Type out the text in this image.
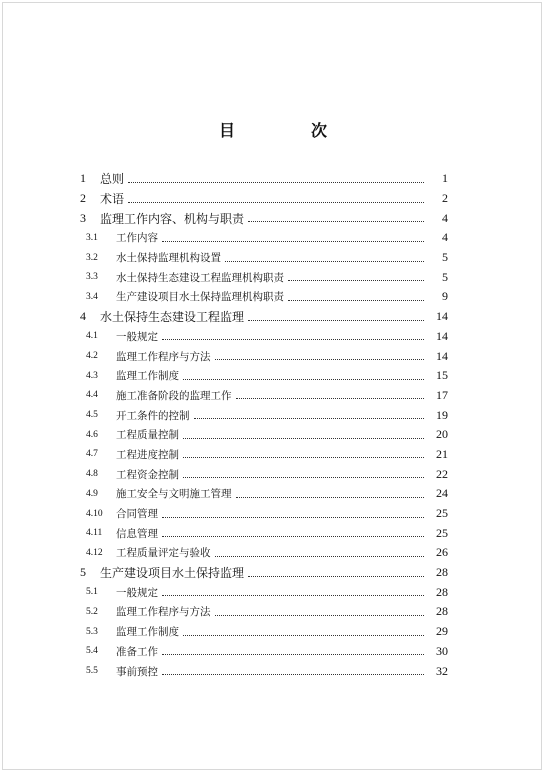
目　次
1	总则	1
2	术语	2
3	监理工作内容、机构与职责	4
3.1	工作内容	4
3.2	水土保持监理机构设置	5
3.3	水土保持生态建设工程监理机构职责	5
3.4	生产建设项目水土保持监理机构职责	9
4	水土保持生态建设工程监理	14
4.1	一般规定	14
4.2	监理工作程序与方法	14
4.3	监理工作制度	15
4.4	施工准备阶段的监理工作	17
4.5	开工条件的控制	19
4.6	工程质量控制	20
4.7	工程进度控制	21
4.8	工程资金控制	22
4.9	施工安全与文明施工管理	24
4.10	合同管理	25
4.11	信息管理	25
4.12	工程质量评定与验收	26
5	生产建设项目水土保持监理	28
5.1	一般规定	28
5.2	监理工作程序与方法	28
5.3	监理工作制度	29
5.4	准备工作	30
5.5	事前预控	32
